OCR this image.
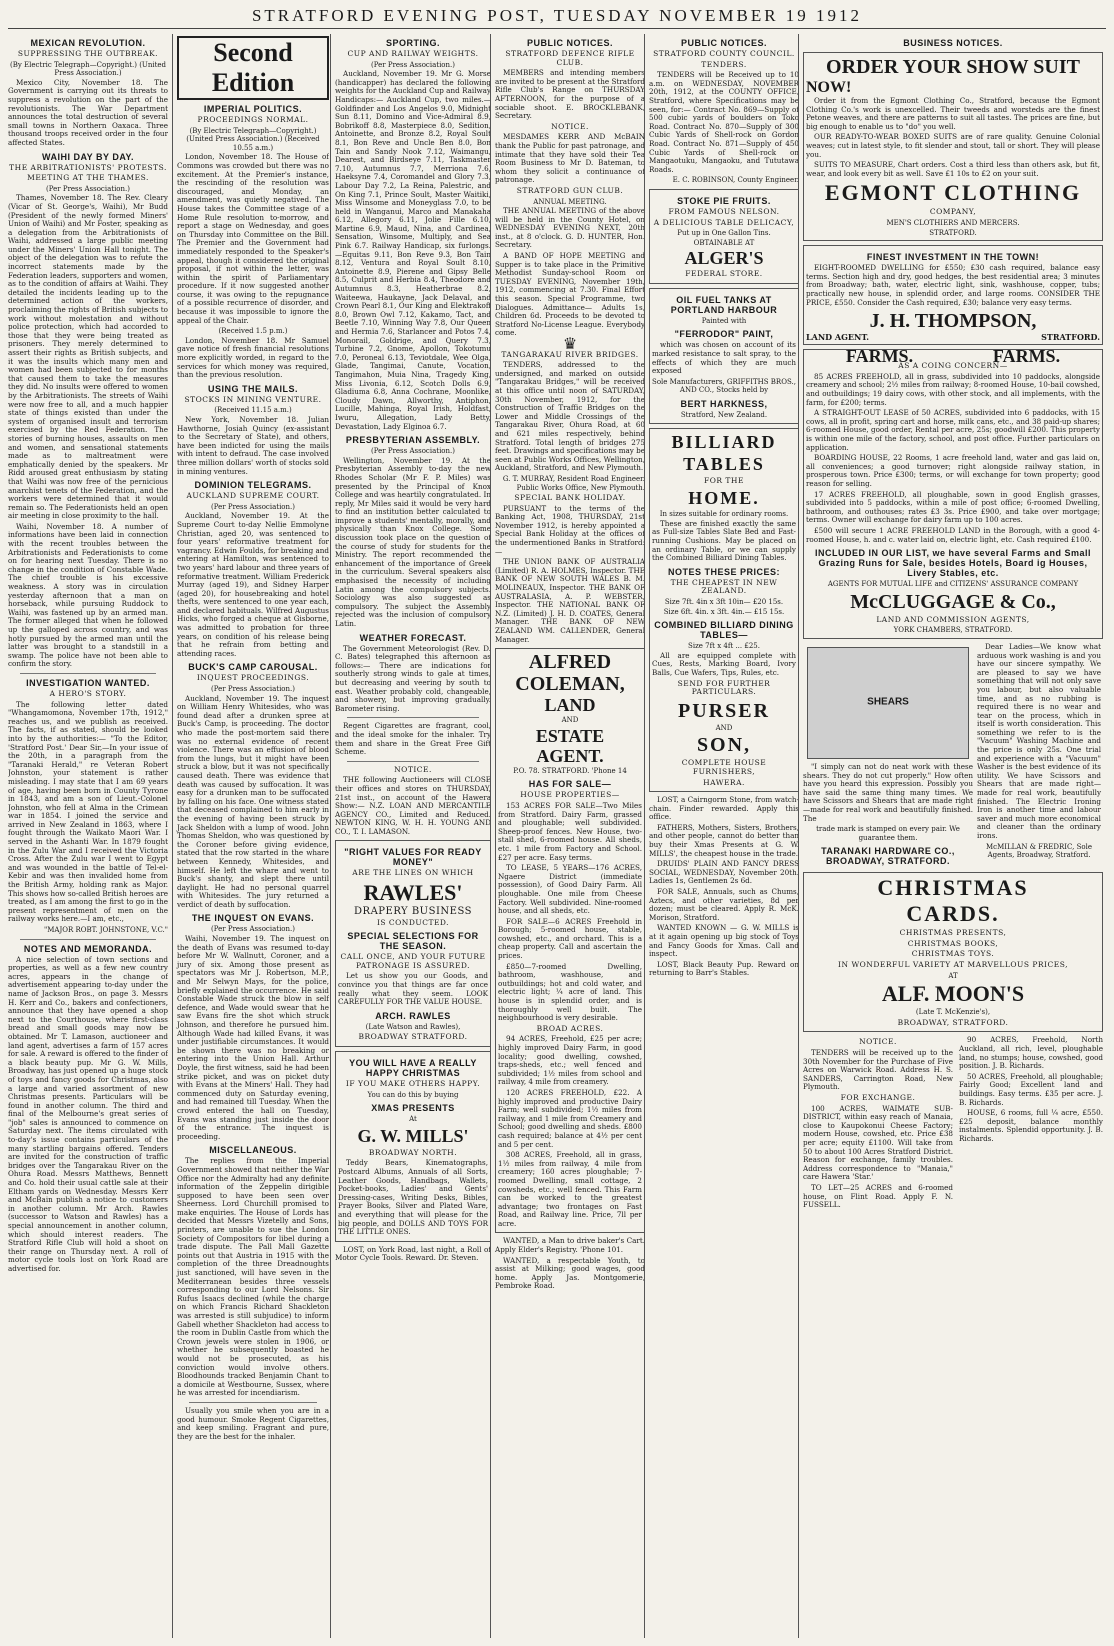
STRATFORD EVENING POST, TUESDAY NOVEMBER 19 1912
MEXICAN REVOLUTION.
SUPPRESSING THE OUTBREAK.
(By Electric Telegraph—Copyright.) (United Press Association.)

Mexico City, November 18. The Government is carrying out its threats to suppress a revolution on the part of the revolutionists. The War Department announces the total destruction of several small towns in Northern Oaxaca. Three thousand troops received order in the four affected States.

WAIHI DAY BY DAY.
THE ARBITRATIONISTS' PROTESTS.
MEETING AT THE THAMES.
(Per Press Association.)

Thames, November 18. The Rev. Cleary (Vicar of St. George's, Waihi), Mr Budd (President of the newly formed Miners' Union of Waihi) and Mr Foster, speaking as a delegation from the Arbitrationists of Waihi, addressed a large public meeting under the Miners' Union Hall tonight. The object of the delegation was to refute the incorrect statements made by the Federation leaders, supporters and women, as to the condition of affairs at Waihi. They detailed the incidents leading up to the determined action of the workers, proclaiming the rights of British subjects to work without molestation and without police protection, which had accorded to those that they were being treated as prisoners. They merely determined to assert their rights as British subjects, and it was the insults which many men and women had been subjected to for months that caused them to take the measures they did. No insults were offered to women by the Arbitrationists. The streets of Waihi were now free to all, and a much happier state of things existed than under the system of organised insult and terrorism exercised by the Red Federation. The stories of burning houses, assaults on men and women, and sensational statements made as to maltreatment were emphatically denied by the speakers. Mr Ridd aroused great enthusiasm by stating that Waihi was now free of the pernicious anarchist tenets of the Federation, and the workers were determined that it would remain so. The Federationists held an open air meeting in close proximity to the hall.

Waihi, November 18. A number of informations have been laid in connection with the recent troubles between the Arbitrationists and Federationists to come on for hearing next Tuesday. There is no change in the condition of Constable Wade. The chief trouble is his excessive weakness. A story was in circulation yesterday afternoon that a man on horseback, while pursuing Ruddock to Waihi, was fastened up by an armed man. The former alleged that when he followed up the galloped across country, and was hotly pursued by the armed man until the latter was brought to a standstill in a swamp. The police have not been able to confirm the story.

INVESTIGATION WANTED.
A HERO'S STORY.

The following letter dated "Whangamomona, November 17th, 1912," reaches us, and we publish as received. The facts, if as stated, should be looked into by the authorities:— "To the Editor, 'Stratford Post.' Dear Sir,—In your issue of the 20th, in a paragraph from the "Taranaki Herald," re Veteran Robert Johnston, your statement is rather misleading. I may state that I am 69 years of age, having been born in County Tyrone in 1843, and am a son of Lieut.-Colonel Johnston, who fell at Alma in the Crimean war in 1854. I joined the service and arrived in New Zealand in 1863, where I fought through the Waikato Maori War. I served in the Ashanti War. In 1879 fought in the Zulu War and I received the Victoria Cross. After the Zulu war I went to Egypt and was wounded in the battle of Tel-el-Kebir and was then invalided home from the British Army, holding rank as Major. This shows how so-called British heroes are treated, as I am among the first to go in the present representment of men on the railway works here.—I am, etc.,

"MAJOR ROBT. JOHNSTONE, V.C."
NOTES AND MEMORANDA.

A nice selection of town sections and properties, as well as a few new country acres, appears in the change of advertisement appearing to-day under the name of Jackson Bros., on page 3. Messrs H. Kerr and Co., bakers and confectioners, announce that they have opened a shop next to the Courthouse, where first-class bread and small goods may now be obtained. Mr T. Lamason, auctioneer and land agent, advertises a farm of 157 acres for sale. A reward is offered to the finder of a black beauty pup. Mr G. W. Mills, Broadway, has just opened up a huge stock of toys and fancy goods for Christmas, also a large and varied assortment of new Christmas presents. Particulars will be found in another column. The third and final of the Melbourne's great series of "job" sales is announced to commence on Saturday next. The items circulated with to-day's issue contains particulars of the many startling bargains offered. Tenders are invited for the construction of traffic bridges over the Tangarakau River on the Ohura Road. Messrs Matthews, Bennett and Co. hold their usual cattle sale at their Eltham yards on Wednesday. Messrs Kerr and McBain publish a notice to customers in another column. Mr Arch. Rawles (successor to Watson and Rawles) has a special announcement in another column, which should interest readers. The Stratford Rifle Club will hold a shoot on their range on Thursday next. A roll of motor cycle tools lost on York Road are advertised for.

Second Edition
IMPERIAL POLITICS.
PROCEEDINGS NORMAL.
(By Electric Telegraph—Copyright.) (United Press Association.) (Received 10.55 a.m.)

London, November 18. The House of Commons was crowded but there was no excitement. At the Premier's instance, the rescinding of the resolution was discouraged, and Monday, an amendment, was quietly negatived. The House takes the Committee stage of a Home Rule resolution to-morrow, and report a stage on Wednesday, and goes on Thursday into Committee on the Bill. The Premier and the Government had immediately responded to the Speaker's appeal, though it considered the original proposal, if not within the letter, was within the spirit of Parliamentary procedure. If it now suggested another course, it was owing to the repugnance of a possible recurrence of disorder, and because it was impossible to ignore the appeal of the Chair.

(Received 1.5 p.m.)

London, November 18. Mr Samuel gave notice of fresh financial resolutions more explicitly worded, in regard to the services for which money was required, than the previous resolution.

USING THE MAILS.
STOCKS IN MINING VENTURE.
(Received 11.15 a.m.)

New York, November 18. Julian Hawthorne, Josiah Quincy (ex-assistant to the Secretary of State), and others, have been indicted for using the mails with intent to defraud. The case involved three million dollars' worth of stocks sold in mining ventures.

DOMINION TELEGRAMS.
AUCKLAND SUPREME COURT.
(Per Press Association.)

Auckland, November 19. At the Supreme Court to-day Nellie Emmolyne Christian, aged 20, was sentenced to four years' reformative treatment for vagrancy. Edwin Foulds, for breaking and entering at Hamilton, was sentenced to two years' hard labour and three years of reformative treatment. William Frederick Murray (aged 19), and Sidney Harper (aged 20), for housebreaking and hotel thefts, were sentenced to one year each, and declared habituals. Wilfred Augustus Hicks, who forged a cheque at Gisborne, was admitted to probation for three years, on condition of his release being that he refrain from betting and attending races.

BUCK'S CAMP CAROUSAL.
INQUEST PROCEEDINGS.
(Per Press Association.)

Auckland, November 19. The inquest on William Henry Whitesides, who was found dead after a drunken spree at Buck's Camp, is proceeding. The doctor who made the post-mortem said there was no external evidence of recent violence. There was an effusion of blood from the lungs, but it might have been struck a blow, but it was not specifically caused death. There was evidence that death was caused by suffocation. It was easy for a drunken man to be suffocated by falling on his face. One witness stated that deceased complained to him early in the evening of having been struck by Jack Sheldon with a lump of wood. John Thomas Sheldon, who was questioned by the Coroner before giving evidence, stated that the row started in the whare between Kennedy, Whitesides, and himself. He left the whare and went to Buck's shanty, and slept there until daylight. He had no personal quarrel with Whitesides. The jury returned a verdict of death by suffocation.

THE INQUEST ON EVANS.
(Per Press Association.)

Waihi, November 19. The inquest on the death of Evans was resumed to-day before Mr W. Wallnutt, Coroner, and a jury of six. Among those present as spectators was Mr J. Robertson, M.P., and Mr Selwyn Mays, for the police, briefly explained the occurrence. He said Constable Wade struck the blow in self defence, and Wade would swear that he saw Evans fire the shot which struck Johnson, and therefore he pursued him. Although Wade had killed Evans, it was under justifiable circumstances. It would be shown there was no breaking or entering into the Union Hall. Arthur Doyle, the first witness, said he had been strike picket, and was on picket duty with Evans at the Miners' Hall. They had commenced duty on Saturday evening, and had remained till Tuesday. When the crowd entered the hall on Tuesday, Evans was standing just inside the door of the entrance. The inquest is proceeding.

MISCELLANEOUS.

The replies from the Imperial Government showed that neither the War Office nor the Admiralty had any definite information of the Zeppelin dirigible supposed to have been seen over Sheerness. Lord Churchill promised to make enquiries. The House of Lords has decided that Messrs Vizetelly and Sons, printers, are unable to sue the London Society of Compositors for libel during a trade dispute. The Pall Mall Gazette points out that Austria in 1915 with the completion of the three Dreadnoughts just sanctioned, will have seven in the Mediterranean besides three vessels corresponding to our Lord Nelsons. Sir Rufus Isaacs declined (while the charge on which Francis Richard Shackleton was arrested is still subjudice) to inform Gabell whether Shackleton had access to the room in Dublin Castle from which the Crown jewels were stolen in 1906, or whether he subsequently boasted he would not be prosecuted, as his conviction would involve others. Bloodhounds tracked Benjamin Chant to a domicile at Westbourne, Sussex, where he was arrested for incendiarism.

Usually you smile when you are in a good humour. Smoke Regent Cigarettes, and keep smiling. Fragrant and pure, they are the best for the inhaler.

SPORTING.
CUP AND RAILWAY WEIGHTS.
(Per Press Association.)

Auckland, November 19. Mr G. Morse (handicapper) has declared the following weights for the Auckland Cup and Railway Handicaps:— Auckland Cup, two miles.—Goldfinder and Los Angelos 9.0, Midnight Sun 8.11, Domino and Vice-Admiral 8.9, Bobrikoff 8.8, Masterpiece 8.0, Sedition, Antoinette, and Bronze 8.2, Royal Soult 8.1, Bon Reve and Uncle Ben 8.0, Bon Tain and Sandy Nook 7.12, Waimangu, Dearest, and Birdseye 7.11, Taskmaster 7.10, Autumnus 7.7, Merriona 7.6, Haeksyne 7.4, Coromandel and Glory 7.3, Labour Day 7.2, La Reina, Palestric, and On King 7.1, Prince Soult, Master Waitiki, Miss Winsome and Moneyglass 7.0, to be held in Wanganui, Marco and Manakaha 6.12, Allegory 6.11, Jolie Fille 6.10, Martine 6.9, Maud, Nina, and Cardinea, Sensation, Winsome, Multiply, and Sea Pink 6.7. Railway Handicap, six furlongs.—Equitas 9.11, Bon Reve 9.3, Bon Tain 8.12, Ventura and Royal Soult 8.10, Antoinette 8.9, Pierene and Gipsy Belle 8.5, Culprit and Herbia 8.4, Theodore and Autumnus 8.3, Heatherbrae 8.2, Waiteewa, Haukayne, Jack Delaval, and Crown Pearl 8.1, Our King and Elektrakoff 8.0, Brown Owl 7.12, Kakamo, Tact, and Beetle 7.10, Winning Way 7.8, Our Queen and Hermia 7.6, Starlancer and Potos 7.4, Monorail, Goldrige, and Query 7.3, Turbine 7.2, Gnome, Apollon, Tokotumu 7.0, Peroneal 6.13, Teviotdale, Wee Olga, Glade, Tangimai, Canute, Vocation, Tangimahon, Muia Nina, Tragedy King, Miss Livonia, 6.12, Scotch Dolls 6.9, Gladiuma 6.8, Anna Cochrane, Moonlike, Cloudy Dawn, Allworthy, Antiphon, Lucille, Mahinga, Royal Irish, Holdfast, Iwuru, Allegation, Lady Betty, Devastation, Lady Elginoa 6.7.

PRESBYTERIAN ASSEMBLY.
(Per Press Association.)

Wellington, November 19. At the Presbyterian Assembly to-day the new Rhodes Scholar (Mr F. P. Miles) was presented by the Principal of Knox College and was heartily congratulated. In reply, Mr Miles said it would be very hard to find an institution better calculated to improve a students' mentally, morally, and physically than Knox College. Some discussion took place on the question of the course of study for students for the Ministry. The report recommended the enhancement of the importance of Greek in the curriculum. Several speakers also emphasised the necessity of including Latin among the compulsory subjects. Sociology was also suggested as compulsory. The subject the Assembly rejected was the inclusion of compulsory Latin.

WEATHER FORECAST.

The Government Meteorologist (Rev. D. C. Bates) telegraphed this afternoon as follows:— There are indications for southerly strong winds to gale at times, but decreasing and veering by south to east. Weather probably cold, changeable, and showery, but improving gradually. Barometer rising.

Regent Cigarettes are fragrant, cool, and the ideal smoke for the inhaler. Try them and share in the Great Free Gift Scheme.

NOTICE.

THE following Auctioneers will CLOSE their offices and stores on THURSDAY, 21st inst., on account of the Hawera Show:— N.Z. LOAN AND MERCANTILE AGENCY CO., Limited and Reduced. NEWTON KING, W. H. H. YOUNG AND CO., T. I. LAMASON.

"RIGHT VALUES FOR READY MONEY"
ARE THE LINES ON WHICH
RAWLES'
DRAPERY BUSINESS
IS CONDUCTED.
SPECIAL SELECTIONS FOR THE SEASON.
CALL ONCE, AND YOUR FUTURE PATRONAGE IS ASSURED.

Let us show you our Goods, and convince you that things are far once really what they seem. LOOK CAREFULLY FOR THE VALUE HOUSE.

ARCH. RAWLES
(Late Watson and Rawles),
BROADWAY STRATFORD.
YOU WILL HAVE A REALLY HAPPY CHRISTMAS
IF YOU MAKE OTHERS HAPPY.
You can do this by buying
XMAS PRESENTS
At
G. W. MILLS'
BROADWAY NORTH.

Teddy Bears, Kinematographs, Postcard Albums, Annuals of all Sorts, Leather Goods, Handbags, Wallets, Pocket-books, Ladies' and Gents' Dressing-cases, Writing Desks, Bibles, Prayer Books, Silver and Plated Ware, and everything that will please for the big people, and DOLLS AND TOYS FOR THE LITTLE ONES.

LOST, on York Road, last night, a Roll of Motor Cycle Tools. Reward. Dr. Steven.

PUBLIC NOTICES.
STRATFORD DEFENCE RIFLE CLUB.

MEMBERS and intending members are invited to be present at the Stratford Rifle Club's Range on THURSDAY AFTERNOON, for the purpose of a sociable shoot. E. BROCKLEBANK, Secretary.

NOTICE.

MESDAMES KERR AND McBAIN thank the Public for past patronage, and intimate that they have sold their Tea Room Business to Mr D. Bateman, to whom they solicit a continuance of patronage.

STRATFORD GUN CLUB.
ANNUAL MEETING.

THE ANNUAL MEETING of the above will be held in the County Hotel, on WEDNESDAY EVENING NEXT, 20th inst., at 8 o'clock. G. D. HUNTER, Hon. Secretary.

A BAND OF HOPE MEETING and Supper is to take place in the Primitive Methodist Sunday-school Room on TUESDAY EVENING, November 19th, 1912, commencing at 7.30. Final Effort this season. Special Programme, two Dialogues. Admittance— Adults 1s, Children 6d. Proceeds to be devoted to Stratford No-License League. Everybody come.

♛
TANGARAKAU RIVER BRIDGES.

TENDERS, addressed to the undersigned, and marked on outside "Tangarakau Bridges," will be received at this office until noon of SATURDAY, 30th November, 1912, for the Construction of Traffic Bridges on the Lower and Middle Crossings of the Tangarakau River, Ohura Road, at 60 and 621 miles respectively, behind Stratford. Total length of bridges 275 feet. Drawings and specifications may be seen at Public Works Offices, Wellington, Auckland, Stratford, and New Plymouth.

G. T. MURRAY, Resident Road Engineer. Public Works Office, New Plymouth.
SPECIAL BANK HOLIDAY.

PURSUANT to the terms of the Banking Act, 1908, THURSDAY, 21st November 1912, is hereby appointed a Special Bank Holiday at the offices of the undermentioned Banks in Stratford:—

THE UNION BANK OF AUSTRALIA (Limited) R. A. HOLMES, Inspector. THE BANK OF NEW SOUTH WALES B. M. MOLINEAUX, Inspector. THE BANK OF AUSTRALASIA, A. P. WEBSTER, Inspector. THE NATIONAL BANK OF N.Z. (Limited) J. H. D. COATES, General Manager. THE BANK OF NEW ZEALAND WM. CALLENDER, General Manager.

ALFRED
COLEMAN,
LAND
AND
ESTATE
AGENT.
P.O. 78. STRATFORD. 'Phone 14
HAS FOR SALE—
HOUSE PROPERTIES—

153 ACRES FOR SALE—Two Miles from Stratford. Dairy Farm, grassed and ploughable; well subdivided. Sheep-proof fences. New House, two-stall shed, 6-roomed house. All sheds, etc. 1 mile from Factory and School. £27 per acre. Easy terms.

TO LEASE, 5 YEARS—176 ACRES, Ngaere District (immediate possession), of Good Dairy Farm. All ploughable. One mile from Cheese Factory. Well subdivided. Nine-roomed house, and all sheds, etc.

FOR SALE—6 ACRES Freehold in Borough; 5-roomed house, stable, cowshed, etc., and orchard. This is a cheap property. Call and ascertain the prices.

£850—7-roomed Dwelling, bathroom, washhouse, and outbuildings; hot and cold water, and electric light; ¼ acre of land. This house is in splendid order, and is thoroughly well built. The neighbourhood is very desirable.

BROAD ACRES.

94 ACRES, Freehold, £25 per acre; highly improved Dairy Farm, in good locality; good dwelling, cowshed, traps-sheds, etc.; well fenced and subdivided; 1½ miles from school and railway, 4 mile from creamery.

120 ACRES FREEHOLD, £22. A highly improved and productive Dairy Farm; well subdivided; 1½ miles from railway, and 1 mile from Creamery and School; good dwelling and sheds. £800 cash required; balance at 4½ per cent and 5 per cent.

308 ACRES, Freehold, all in grass, 1½ miles from railway, 4 mile from creamery; 160 acres ploughable; 7-roomed Dwelling, small cottage, 2 cowsheds, etc.; well fenced. This Farm can be worked to the greatest advantage; two frontages on Fast Road, and Railway line. Price, 7ll per acre.

WANTED, a Man to drive baker's Cart. Apply Elder's Registry. 'Phone 101.

WANTED, a respectable Youth, to assist at Milking; good wages, good home. Apply Jas. Montgomerie, Pembroke Road.

PUBLIC NOTICES.
STRATFORD COUNTY COUNCIL.
TENDERS.

TENDERS will be Received up to 10 a.m. on WEDNESDAY, NOVEMBER 20th, 1912, at the COUNTY OFFICE, Stratford, where Specifications may be seen, for:— Contract No. 869—Supply of 500 cubic yards of boulders on Toko Road. Contract No. 870—Supply of 300 Cubic Yards of Shell-rock on Gordon Road. Contract No. 871—Supply of 450 Cubic Yards of Shell-rock on Mangaotuku, Mangaoku, and Tututawa Roads.

E. C. ROBINSON, County Engineer.
STOKE PIE FRUITS.
FROM FAMOUS NELSON.
A DELICIOUS TABLE DELICACY,
Put up in One Gallon Tins.
OBTAINABLE AT
ALGER'S
FEDERAL STORE.
OIL FUEL TANKS AT PORTLAND HARBOUR
Painted with
"FERRODOR" PAINT,

which was chosen on account of its marked resistance to salt spray, to the effects of which they are much exposed

Sole Manufacturers, GRIFFITHS BROS., AND CO., Stocks held by
BERT HARKNESS,
Stratford, New Zealand.
BILLIARD
TABLES
FOR THE
HOME.
In sizes suitable for ordinary rooms.

These are finished exactly the same as Full-size Tables Slate Bed and Fast-running Cushions. May be placed on an ordinary Table, or we can supply the Combined Billiard Dining Tables.

NOTES THESE PRICES:
THE CHEAPEST IN NEW ZEALAND.
Size 7ft. 4in x 3ft 10in— £20 15s.
Size 6ft. 4in. x 3ft. 4in.— £15 15s.
COMBINED BILLIARD DINING TABLES—
Size 7ft x 4ft ... £25.

All are equipped complete with Cues, Rests, Marking Board, Ivory Balls, Cue Wafers, Tips, Rules, etc.

SEND FOR FURTHER PARTICULARS.
PURSER
AND
SON,
COMPLETE HOUSE FURNISHERS,
HAWERA.

LOST, a Cairngorm Stone, from watch-chain. Finder rewarded. Apply this office.

FATHERS, Mothers, Sisters, Brothers, and other people, cannot do better than buy their Xmas Presents at G. W. MILLS', the cheapest house in the trade.

DRUIDS' PLAIN AND FANCY DRESS SOCIAL, WEDNESDAY, November 20th. Ladies 1s, Gentlemen 2s 6d.

FOR SALE, Annuals, such as Chums, Aztecs, and other varieties, 8d per dozen; must be cleared. Apply R. McK. Morison, Stratford.

WANTED KNOWN — G. W. MILLS is at it again opening up big stock of Toys and Fancy Goods for Xmas. Call and inspect.

LOST, Black Beauty Pup. Reward on returning to Barr's Stables.

BUSINESS NOTICES.
ORDER YOUR SHOW SUIT
NOW!

Order it from the Egmont Clothing Co., Stratford, because the Egmont Clothing Co.'s work is unexcelled. Their tweeds and worsteds are the finest Petone weaves, and there are patterns to suit all tastes. The prices are fine, but big enough to enable us to "do" you well.

OUR READY-TO-WEAR BOXED SUITS are of rare quality. Genuine Colonial weaves; cut in latest style, to fit slender and stout, tall or short. They will please you.

SUITS TO MEASURE, Chart orders. Cost a third less than others ask, but fit, wear, and look every bit as well. Save £1 10s to £2 on your suit.

EGMONT CLOTHING
COMPANY,
MEN'S CLOTHIERS AND MERCERS.
STRATFORD.
FINEST INVESTMENT IN THE TOWN!

EIGHT-ROOMED DWELLING for £550; £30 cash required, balance easy terms. Section high and dry, good hedges, the best residential area; 3 minutes from Broadway; bath, water, electric light, sink, washhouse, copper, tubs; practically new house, in splendid order, and large rooms. CONSIDER THE PRICE, £550. Consider the Cash required, £30; balance very easy terms.

J. H. THOMPSON,
LAND AGENT.	STRATFORD.
FARMS.	FARMS.
AS A COING CONCERN—

85 ACRES FREEHOLD, all in grass, subdivided into 10 paddocks, alongside creamery and school; 2½ miles from railway; 8-roomed House, 10-bail cowshed, and outbuildings; 19 dairy cows, with other stock, and all implements, with the farm, for £200; terms.

A STRAIGHT-OUT LEASE of 50 ACRES, subdivided into 6 paddocks, with 15 cows, all in profit, spring cart and horse, milk cans, etc., and 38 paid-up shares; 6-roomed House, good order, Rental per acre, 25s; goodwill £200. This property is within one mile of the factory, school, and post office. Further particulars on application.

BOARDING HOUSE, 22 Rooms, 1 acre freehold land, water and gas laid on, all conveniences; a good turnover; right alongside railway station, in prosperous town. Price £300; terms, or will exchange for town property; good reason for selling.

17 ACRES FREEHOLD, all ploughable, sown in good English grasses, subdivided into 5 paddocks, within a mile of post office; 6-roomed Dwelling, bathroom, and outhouses; rates £3 3s. Price £900, and take over mortgage; terms. Owner will exchange for dairy farm up to 100 acres.

£500 will secure 1 ACRE FREEHOLD LAND in the Borough, with a good 4-roomed House, h. and c. water laid on, electric light, etc. Cash required £100.

INCLUDED IN OUR LIST, we have several Farms and Small Grazing Runs for Sale, besides Hotels, Board ig Houses, Livery Stables, etc.
AGENTS FOR MUTUAL LIFE and CITIZENS' ASSURANCE COMPANY
McCLUGGAGE & Co.,
LAND AND COMMISSION AGENTS,
YORK CHAMBERS, STRATFORD.
SHEARS

"I simply can not do neat work with these shears. They do not cut properly." How often have you heard this expression. Possibly you have said the same thing many times. We have Scissors and Shears that are made right—made for real work and beautifully finished. The

trade mark is stamped on every pair. We guarantee them.
TARANAKI HARDWARE CO., BROADWAY, STRATFORD.

Dear Ladies—We know what arduous work washing is and you have our sincere sympathy. We are pleased to say we have something that will not only save you labour, but also valuable time, and as no rubbing is required there is no wear and tear on the process, which in itself is worth consideration. This something we refer to is the "Vacuum" Washing Machine and the price is only 25s. One trial and experience with a "Vacuum" Washer is the best evidence of its utility. We have Scissors and Shears that are made right—made for real work, beautifully finished. The Electric Ironing Iron is another time and labour saver and much more economical and cleaner than the ordinary irons.

McMILLAN & FREDRIC, Sole Agents, Broadway, Stratford.
CHRISTMAS
CARDS.
CHRISTMAS PRESENTS,
CHRISTMAS BOOKS,
CHRISTMAS TOYS.
IN WONDERFUL VARIETY AT MARVELLOUS PRICES,
AT
ALF. MOON'S
(Late T. McKenzie's),
BROADWAY, STRATFORD.
NOTICE.

TENDERS will be received up to the 30th November for the Purchase of Five Acres on Warwick Road. Address H. S. SANDERS, Carrington Road, New Plymouth.

FOR EXCHANGE.

100 ACRES, WAIMATE SUB-DISTRICT, within easy reach of Manaia, close to Kaupokonui Cheese Factory; modern House, cowshed, etc. Price £38 per acre; equity £1100. Will take from 50 to about 100 Acres Stratford District. Reason for exchange, family troubles. Address correspondence to "Manaia," care Hawera 'Star.'

TO LET—25 ACRES and 6-roomed house, on Flint Road. Apply F. N. FUSSELL.

90 ACRES, Freehold, North Auckland, all rich, level, ploughable land, no stumps; house, cowshed, good position. J. B. Richards.

50 ACRES, Freehold, all ploughable; Fairly Good; Excellent land and buildings. Easy terms. £35 per acre. J. B. Richards.

HOUSE, 6 rooms, full ¼ acre, £550. £25 deposit, balance monthly instalments. Splendid opportunity. J. B. Richards.
